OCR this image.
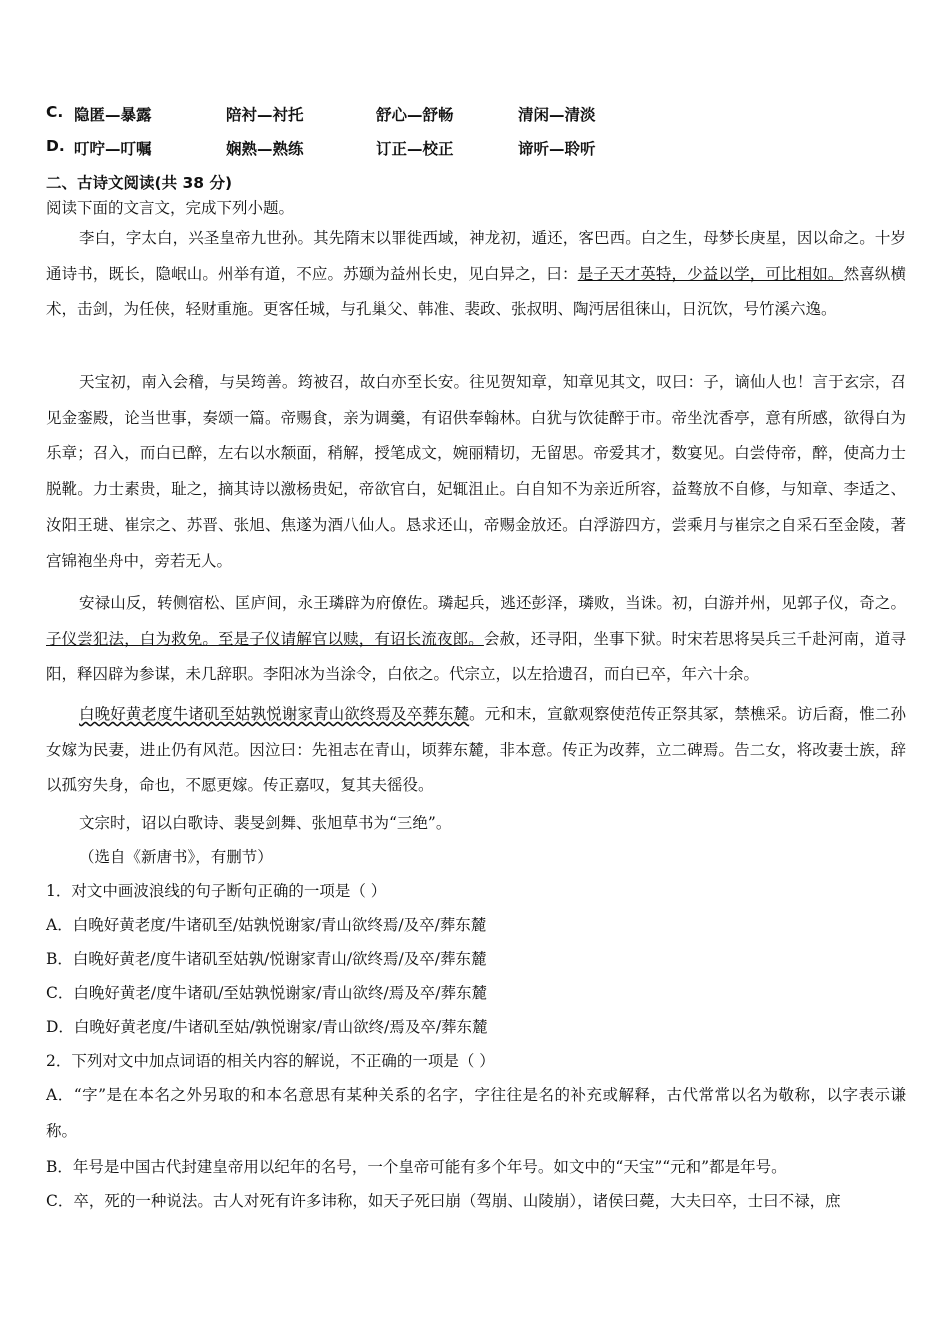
C. 隐匿—暴露	陪衬—衬托	舒心—舒畅	清闲—清淡
D. 叮咛—叮嘱	娴熟—熟练	订正—校正	谛听—聆听
二、古诗文阅读(共 38 分)
阅读下面的文言文，完成下列小题。
李白，字太白，兴圣皇帝九世孙。其先隋末以罪徙西域，神龙初，遁还，客巴西。白之生，母梦长庚星，因以命之。十岁通诗书，既长，隐岷山。州举有道，不应。苏颋为益州长史，见白异之，曰：是子天才英特，少益以学，可比相如。然喜纵横术，击剑，为任侠，轻财重施。更客任城，与孔巢父、韩准、裴政、张叔明、陶沔居徂徕山，日沉饮，号竹溪六逸。
天宝初，南入会稽，与吴筠善。筠被召，故白亦至长安。往见贺知章，知章见其文，叹曰：子，谪仙人也！言于玄宗，召见金銮殿，论当世事，奏颂一篇。帝赐食，亲为调羹，有诏供奉翰林。白犹与饮徒醉于市。帝坐沈香亭，意有所感，欲得白为乐章；召入，而白已醉，左右以水颒面，稍解，授笔成文，婉丽精切，无留思。帝爱其才，数宴见。白尝侍帝，醉，使高力士脱靴。力士素贵，耻之，摘其诗以激杨贵妃，帝欲官白，妃辄沮止。白自知不为亲近所容，益骜放不自修，与知章、李适之、汝阳王琎、崔宗之、苏晋、张旭、焦遂为酒八仙人。恳求还山，帝赐金放还。白浮游四方，尝乘月与崔宗之自采石至金陵，著宫锦袍坐舟中，旁若无人。
安禄山反，转侧宿松、匡庐间，永王璘辟为府僚佐。璘起兵，逃还彭泽，璘败，当诛。初，白游并州，见郭子仪，奇之。子仪尝犯法，白为救免。至是子仪请解官以赎，有诏长流夜郎。会赦，还寻阳，坐事下狱。时宋若思将吴兵三千赴河南，道寻阳，释囚辟为参谋，未几辞职。李阳冰为当涂令，白依之。代宗立，以左拾遗召，而白已卒，年六十余。
白晚好黄老度牛诸矶至姑孰悦谢家青山欲终焉及卒葬东麓。元和末，宣歙观察使范传正祭其冢，禁樵采。访后裔，惟二孙女嫁为民妻，进止仍有风范。因泣曰：先祖志在青山，顷葬东麓，非本意。传正为改葬，立二碑焉。告二女，将改妻士族，辞以孤穷失身，命也，不愿更嫁。传正嘉叹，复其夫徭役。
文宗时，诏以白歌诗、裴旻剑舞、张旭草书为“三绝”。
（选自《新唐书》，有删节）
1．对文中画波浪线的句子断句正确的一项是（ ）
A．白晚好黄老度/牛诸矶至/姑孰悦谢家/青山欲终焉/及卒/葬东麓
B．白晚好黄老/度牛诸矶至姑孰/悦谢家青山/欲终焉/及卒/葬东麓
C．白晚好黄老/度牛诸矶/至姑孰悦谢家/青山欲终/焉及卒/葬东麓
D．白晚好黄老度/牛诸矶至姑/孰悦谢家/青山欲终/焉及卒/葬东麓
2．下列对文中加点词语的相关内容的解说，不正确的一项是（ ）
A．“字”是在本名之外另取的和本名意思有某种关系的名字，字往往是名的补充或解释，古代常常以名为敬称，以字表示谦称。
B．年号是中国古代封建皇帝用以纪年的名号，一个皇帝可能有多个年号。如文中的“天宝”“元和”都是年号。
C．卒，死的一种说法。古人对死有许多讳称，如天子死曰崩（驾崩、山陵崩），诸侯曰薨，大夫曰卒，士曰不禄，庶
